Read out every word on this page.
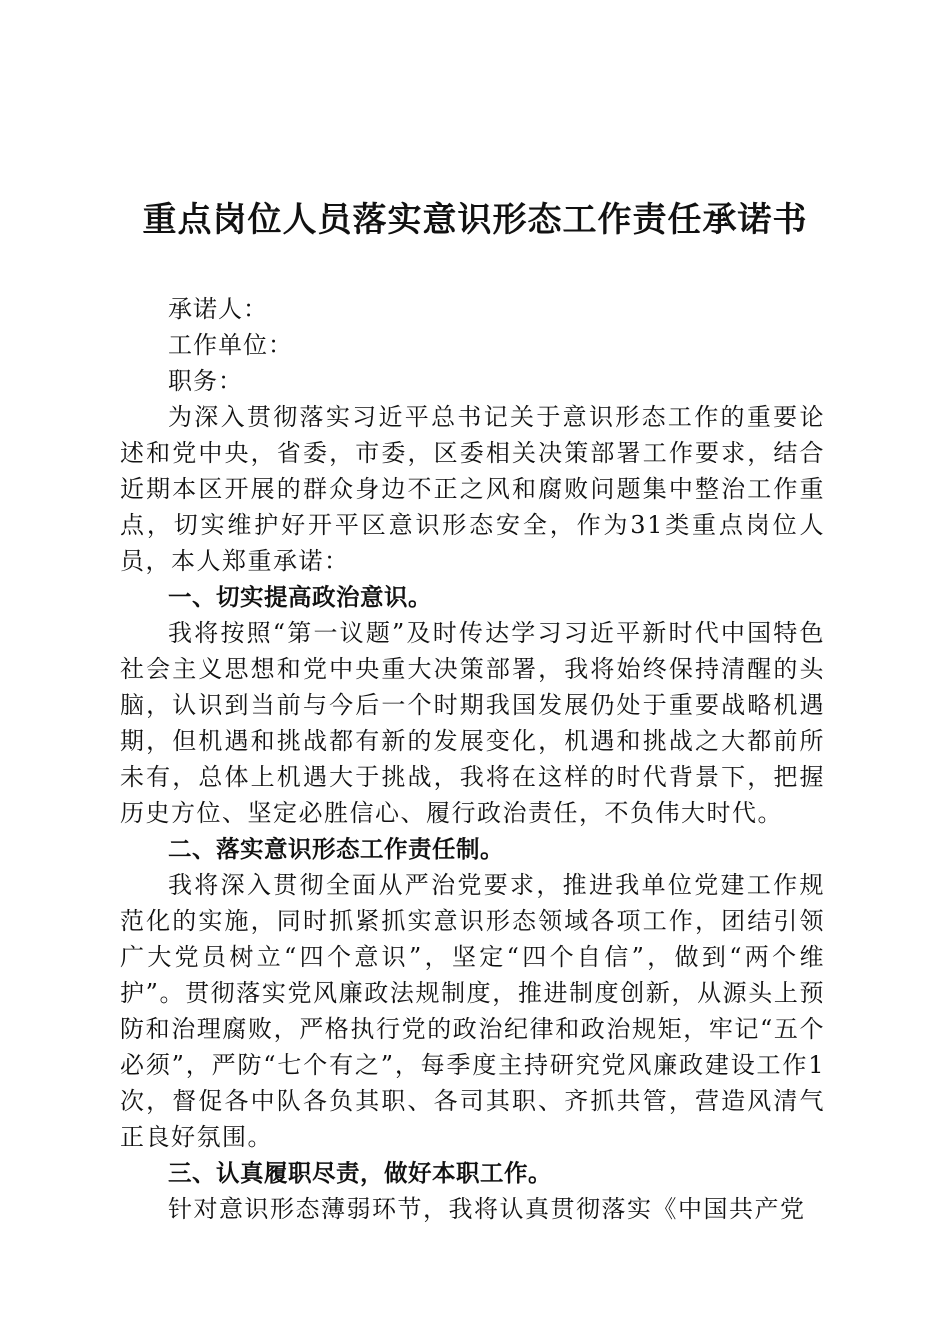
重点岗位人员落实意识形态工作责任承诺书

承诺人：

工作单位：

职务：

为深入贯彻落实习近平总书记关于意识形态工作的重要论述和党中央，省委，市委，区委相关决策部署工作要求，结合近期本区开展的群众身边不正之风和腐败问题集中整治工作重点，切实维护好开平区意识形态安全，作为31类重点岗位人员，本人郑重承诺：

一、切实提高政治意识。

我将按照“第一议题”及时传达学习习近平新时代中国特色社会主义思想和党中央重大决策部署，我将始终保持清醒的头脑，认识到当前与今后一个时期我国发展仍处于重要战略机遇期，但机遇和挑战都有新的发展变化，机遇和挑战之大都前所未有，总体上机遇大于挑战，我将在这样的时代背景下，把握历史方位、坚定必胜信心、履行政治责任，不负伟大时代。

二、落实意识形态工作责任制。

我将深入贯彻全面从严治党要求，推进我单位党建工作规范化的实施，同时抓紧抓实意识形态领域各项工作，团结引领广大党员树立“四个意识”，坚定“四个自信”，做到“两个维护”。贯彻落实党风廉政法规制度，推进制度创新，从源头上预防和治理腐败，严格执行党的政治纪律和政治规矩，牢记“五个必须”，严防“七个有之”，每季度主持研究党风廉政建设工作1次，督促各中队各负其职、各司其职、齐抓共管，营造风清气正良好氛围。

三、认真履职尽责，做好本职工作。

针对意识形态薄弱环节，我将认真贯彻落实《中国共产党
